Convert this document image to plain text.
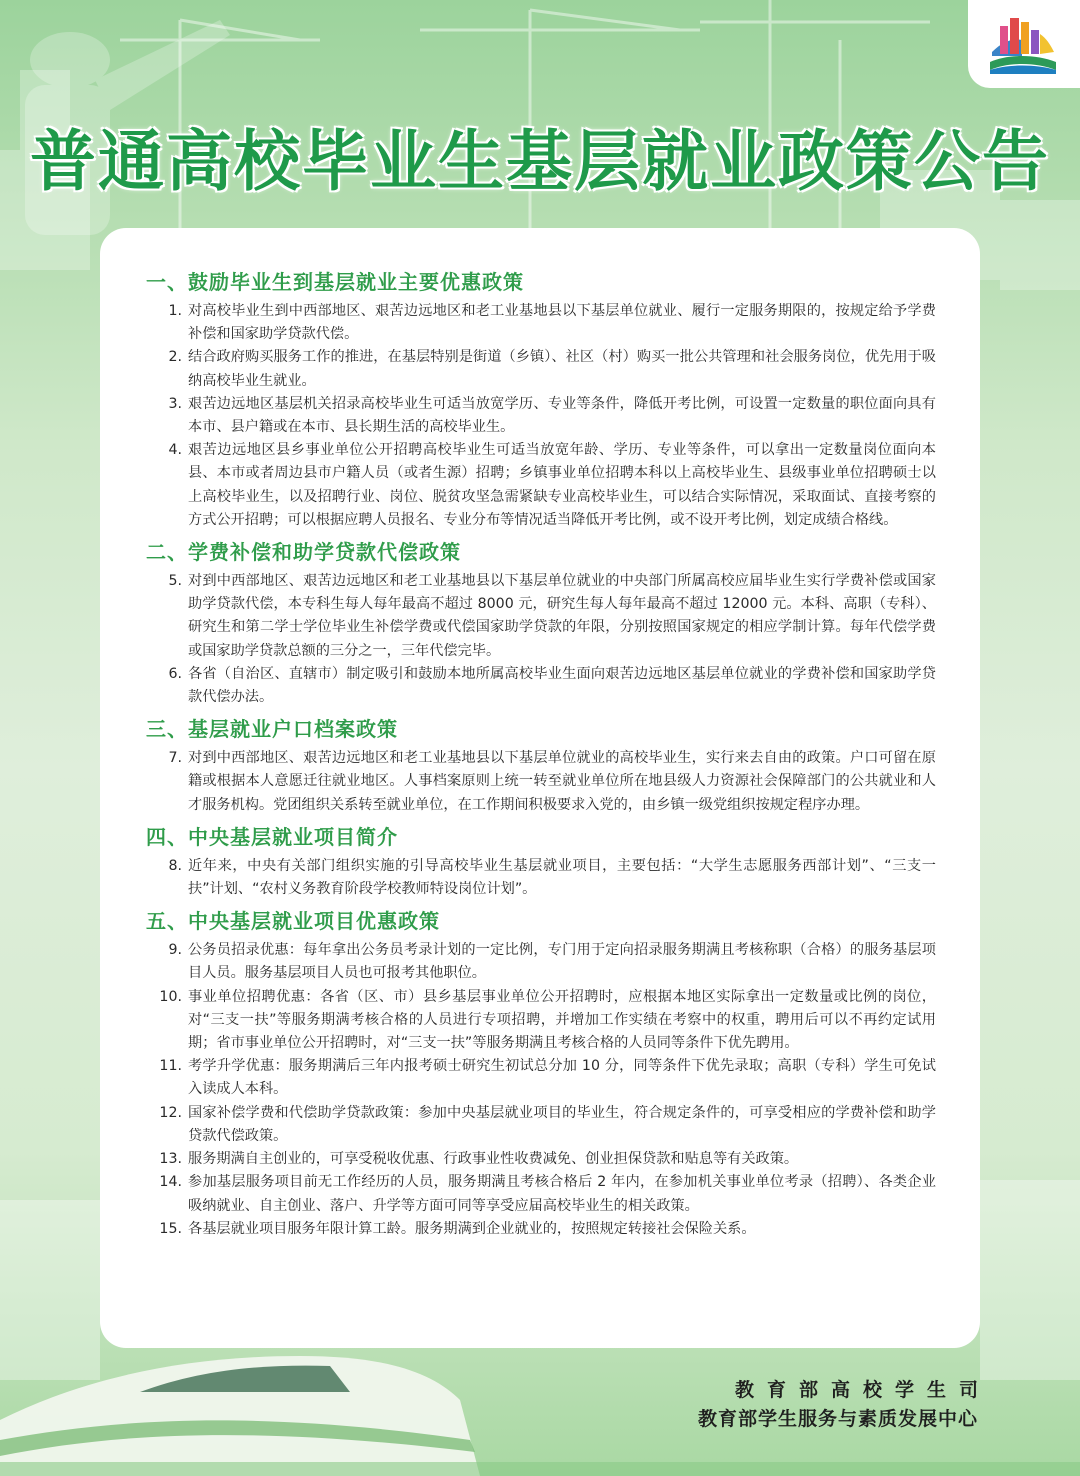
普通高校毕业生基层就业政策公告
一、鼓励毕业生到基层就业主要优惠政策
1. 对高校毕业生到中西部地区、艰苦边远地区和老工业基地县以下基层单位就业、履行一定服务期限的，按规定给予学费补偿和国家助学贷款代偿。
2. 结合政府购买服务工作的推进，在基层特别是街道（乡镇）、社区（村）购买一批公共管理和社会服务岗位，优先用于吸纳高校毕业生就业。
3. 艰苦边远地区基层机关招录高校毕业生可适当放宽学历、专业等条件，降低开考比例，可设置一定数量的职位面向具有本市、县户籍或在本市、县长期生活的高校毕业生。
4. 艰苦边远地区县乡事业单位公开招聘高校毕业生可适当放宽年龄、学历、专业等条件，可以拿出一定数量岗位面向本县、本市或者周边县市户籍人员（或者生源）招聘；乡镇事业单位招聘本科以上高校毕业生、县级事业单位招聘硕士以上高校毕业生，以及招聘行业、岗位、脱贫攻坚急需紧缺专业高校毕业生，可以结合实际情况，采取面试、直接考察的方式公开招聘；可以根据应聘人员报名、专业分布等情况适当降低开考比例，或不设开考比例，划定成绩合格线。
二、学费补偿和助学贷款代偿政策
5. 对到中西部地区、艰苦边远地区和老工业基地县以下基层单位就业的中央部门所属高校应届毕业生实行学费补偿或国家助学贷款代偿，本专科生每人每年最高不超过 8000 元，研究生每人每年最高不超过 12000 元。本科、高职（专科）、研究生和第二学士学位毕业生补偿学费或代偿国家助学贷款的年限，分别按照国家规定的相应学制计算。每年代偿学费或国家助学贷款总额的三分之一，三年代偿完毕。
6. 各省（自治区、直辖市）制定吸引和鼓励本地所属高校毕业生面向艰苦边远地区基层单位就业的学费补偿和国家助学贷款代偿办法。
三、基层就业户口档案政策
7. 对到中西部地区、艰苦边远地区和老工业基地县以下基层单位就业的高校毕业生，实行来去自由的政策。户口可留在原籍或根据本人意愿迁往就业地区。人事档案原则上统一转至就业单位所在地县级人力资源社会保障部门的公共就业和人才服务机构。党团组织关系转至就业单位，在工作期间积极要求入党的，由乡镇一级党组织按规定程序办理。
四、中央基层就业项目简介
8. 近年来，中央有关部门组织实施的引导高校毕业生基层就业项目，主要包括：“大学生志愿服务西部计划”、“三支一扶”计划、“农村义务教育阶段学校教师特设岗位计划”。
五、中央基层就业项目优惠政策
9. 公务员招录优惠：每年拿出公务员考录计划的一定比例，专门用于定向招录服务期满且考核称职（合格）的服务基层项目人员。服务基层项目人员也可报考其他职位。
10. 事业单位招聘优惠：各省（区、市）县乡基层事业单位公开招聘时，应根据本地区实际拿出一定数量或比例的岗位，对“三支一扶”等服务期满考核合格的人员进行专项招聘，并增加工作实绩在考察中的权重，聘用后可以不再约定试用期；省市事业单位公开招聘时，对“三支一扶”等服务期满且考核合格的人员同等条件下优先聘用。
11. 考学升学优惠：服务期满后三年内报考硕士研究生初试总分加 10 分，同等条件下优先录取；高职（专科）学生可免试入读成人本科。
12. 国家补偿学费和代偿助学贷款政策：参加中央基层就业项目的毕业生，符合规定条件的，可享受相应的学费补偿和助学贷款代偿政策。
13. 服务期满自主创业的，可享受税收优惠、行政事业性收费减免、创业担保贷款和贴息等有关政策。
14. 参加基层服务项目前无工作经历的人员，服务期满且考核合格后 2 年内，在参加机关事业单位考录（招聘）、各类企业吸纳就业、自主创业、落户、升学等方面可同等享受应届高校毕业生的相关政策。
15. 各基层就业项目服务年限计算工龄。服务期满到企业就业的，按照规定转接社会保险关系。
教育部高校学生司
教育部学生服务与素质发展中心
